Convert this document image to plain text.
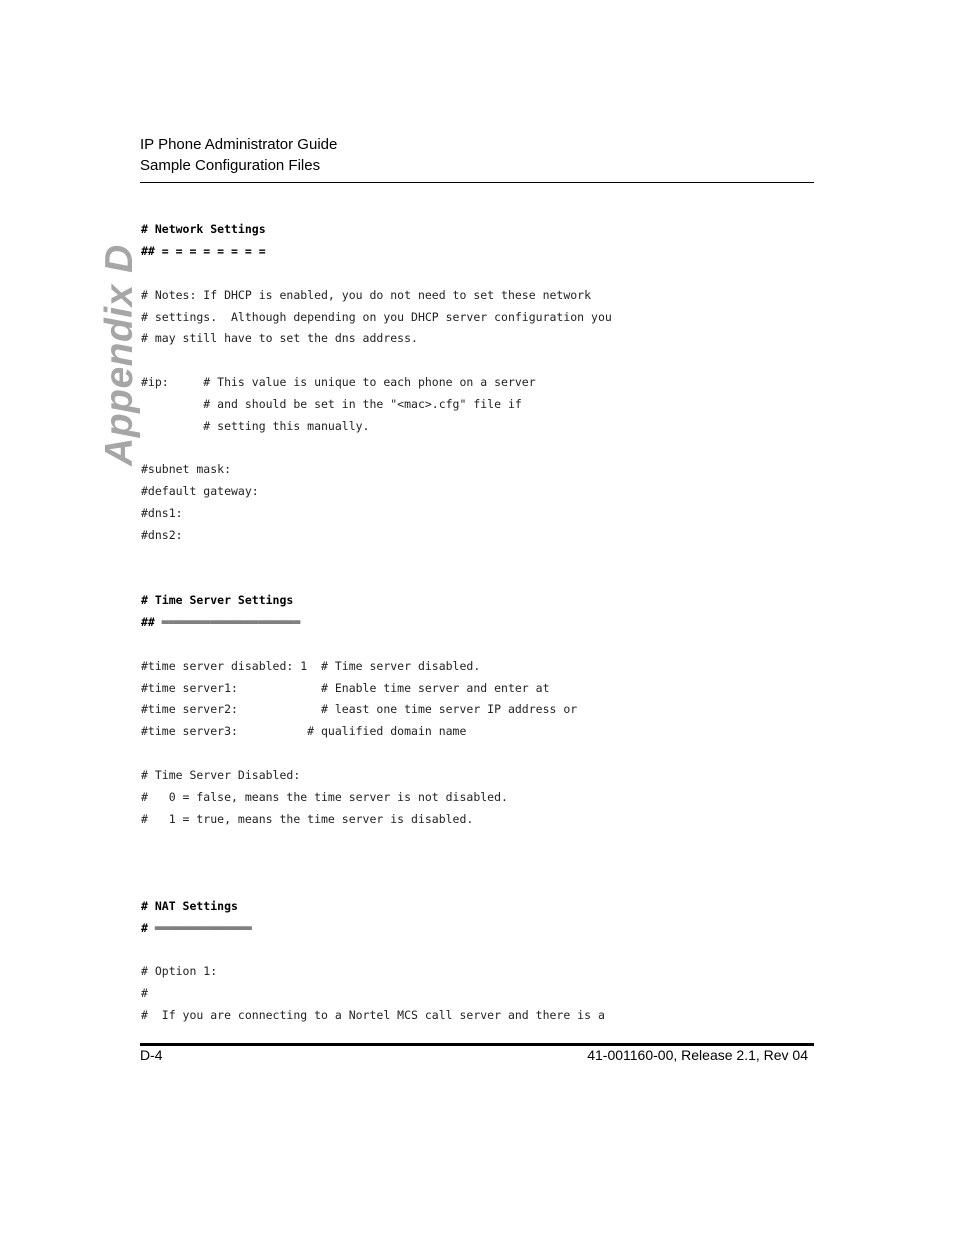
IP Phone Administrator Guide
Sample Configuration Files
Appendix D
# Network Settings
## = = = = = = = =
# Notes: If DHCP is enabled, you do not need to set these network
# settings.  Although depending on you DHCP server configuration you
# may still have to set the dns address.
#ip:     # This value is unique to each phone on a server
# and should be set in the "<mac>.cfg" file if
# setting this manually.
#subnet mask:
#default gateway:
#dns1:
#dns2:
# Time Server Settings
## ════════════════════
#time server disabled: 1  # Time server disabled.
#time server1:            # Enable time server and enter at
#time server2:            # least one time server IP address or
#time server3:          # qualified domain name
# Time Server Disabled:
#   0 = false, means the time server is not disabled.
#   1 = true, means the time server is disabled.
# NAT Settings
# ══════════════
# Option 1:
#
#  If you are connecting to a Nortel MCS call server and there is a
D-4	41-001160-00, Release 2.1, Rev 04
